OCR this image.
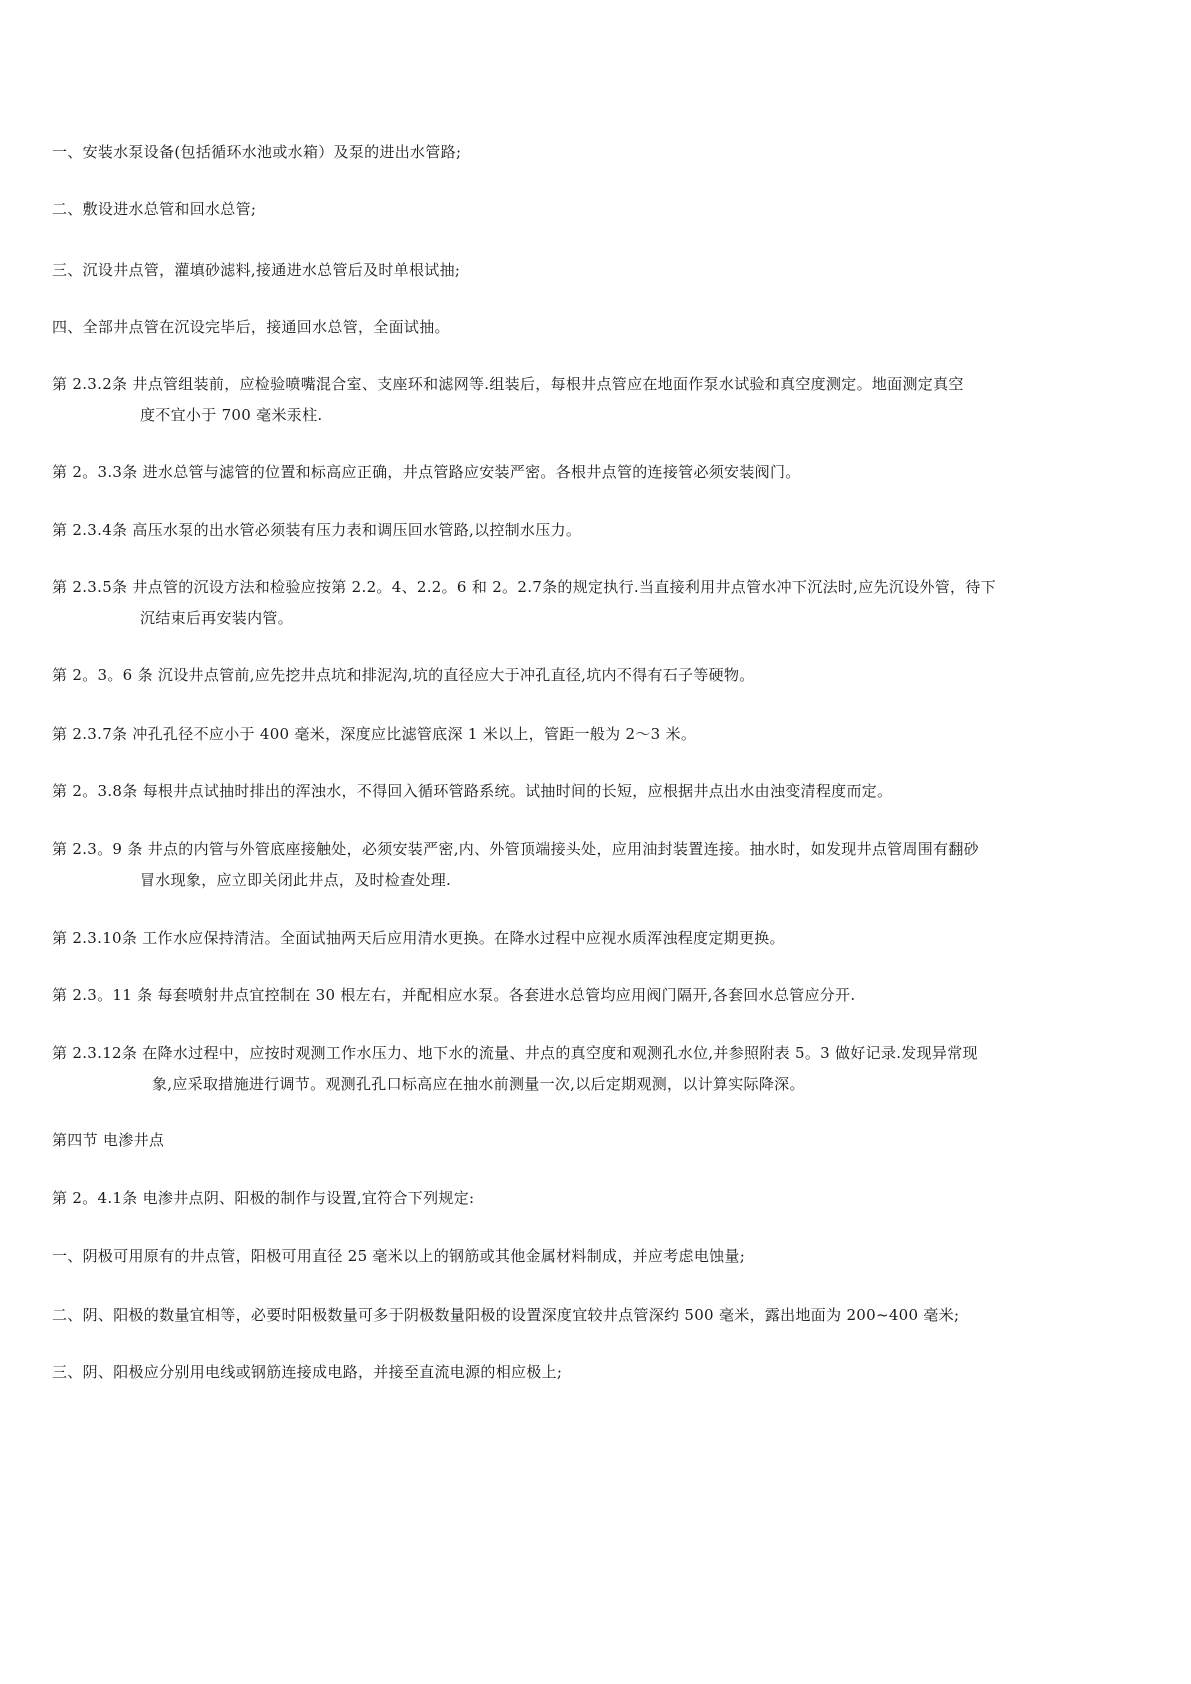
一、安装水泵设备(包括循环水池或水箱）及泵的进出水管路;
二、敷设进水总管和回水总管;
三、沉设井点管，灌填砂滤料,接通进水总管后及时单根试抽;
四、全部井点管在沉设完毕后，接通回水总管，全面试抽。
第 2.3.2条 井点管组装前，应检验喷嘴混合室、支座环和滤网等.组装后，每根井点管应在地面作泵水试验和真空度测定。地面测定真空
度不宜小于 700 毫米汞柱.
第 2。3.3条 进水总管与滤管的位置和标高应正确，井点管路应安装严密。各根井点管的连接管必须安装阀门。
第 2.3.4条 高压水泵的出水管必须装有压力表和调压回水管路,以控制水压力。
第 2.3.5条 井点管的沉设方法和检验应按第 2.2。4、2.2。6 和 2。2.7条的规定执行.当直接利用井点管水冲下沉法时,应先沉设外管，待下
沉结束后再安装内管。
第 2。3。6 条 沉设井点管前,应先挖井点坑和排泥沟,坑的直径应大于冲孔直径,坑内不得有石子等硬物。
第 2.3.7条 冲孔孔径不应小于 400 毫米，深度应比滤管底深 1 米以上，管距一般为 2～3 米。
第 2。3.8条 每根井点试抽时排出的浑浊水，不得回入循环管路系统。试抽时间的长短，应根据井点出水由浊变清程度而定。
第 2.3。9 条 井点的内管与外管底座接触处，必须安装严密,内、外管顶端接头处，应用油封装置连接。抽水时，如发现井点管周围有翻砂
冒水现象，应立即关闭此井点，及时检查处理.
第 2.3.10条 工作水应保持清洁。全面试抽两天后应用清水更换。在降水过程中应视水质浑浊程度定期更换。
第 2.3。11 条 每套喷射井点宜控制在 30 根左右，并配相应水泵。各套进水总管均应用阀门隔开,各套回水总管应分开.
第 2.3.12条 在降水过程中，应按时观测工作水压力、地下水的流量、井点的真空度和观测孔水位,并参照附表 5。3 做好记录.发现异常现
象,应采取措施进行调节。观测孔孔口标高应在抽水前测量一次,以后定期观测，以计算实际降深。
第四节 电渗井点
第 2。4.1条 电渗井点阴、阳极的制作与设置,宜符合下列规定:
一、阴极可用原有的井点管，阳极可用直径 25 毫米以上的钢筋或其他金属材料制成，并应考虑电蚀量;
二、阴、阳极的数量宜相等，必要时阳极数量可多于阴极数量阳极的设置深度宜较井点管深约 500 毫米，露出地面为 200~400 毫米;
三、阴、阳极应分别用电线或钢筋连接成电路，并接至直流电源的相应极上;
